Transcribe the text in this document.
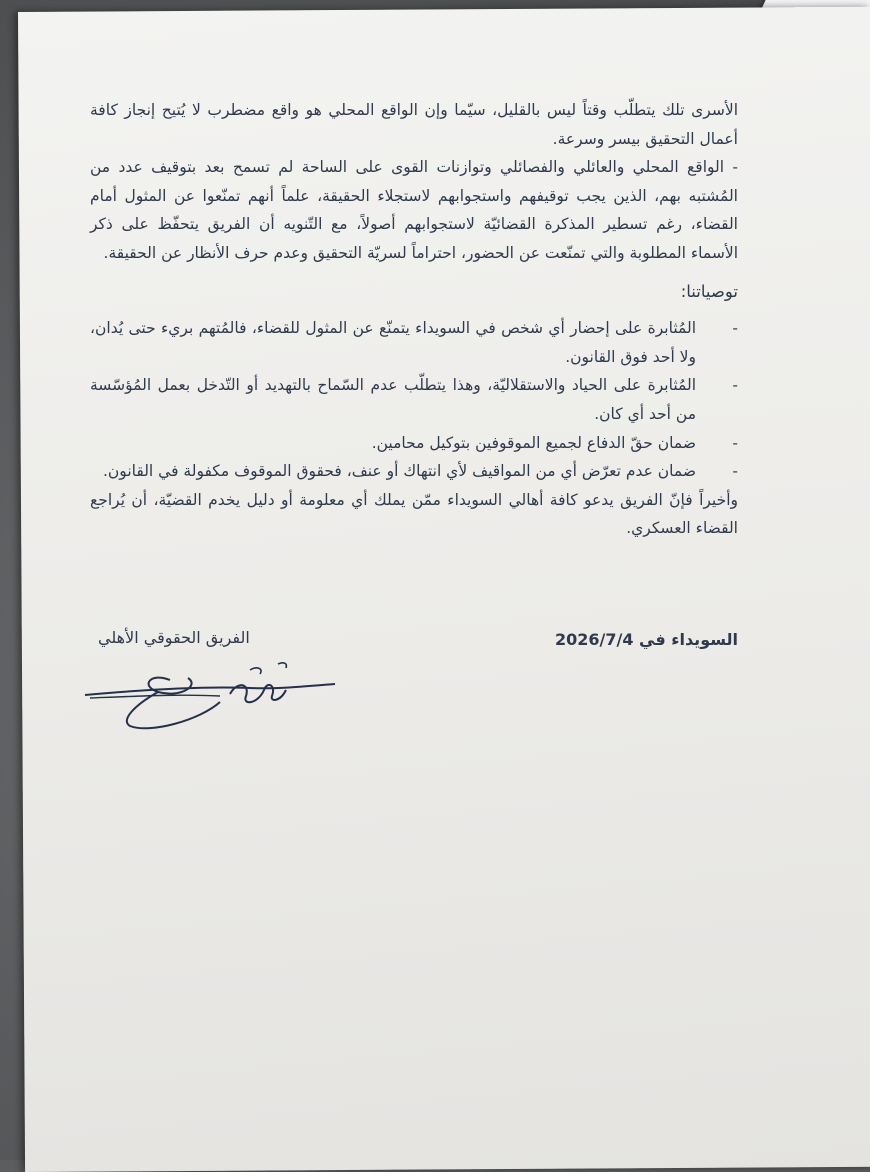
الأسرى تلك يتطلّب وقتاً ليس بالقليل، سيّما وإن الواقع المحلي هو واقع مضطرب لا يُتيح إنجاز كافة أعمال التحقيق بيسر وسرعة.

- الواقع المحلي والعائلي والفصائلي وتوازنات القوى على الساحة لم تسمح بعد بتوقيف عدد من المُشتبه بهم، الذين يجب توقيفهم واستجوابهم لاستجلاء الحقيقة، علماً أنهم تمنّعوا عن المثول أمام القضاء، رغم تسطير المذكرة القضائيّة لاستجوابهم أصولاً، مع التّنويه أن الفريق يتحفّظ على ذكر الأسماء المطلوبة والتي تمنّعت عن الحضور، احتراماً لسريّة التحقيق وعدم حرف الأنظار عن الحقيقة.

توصياتنا:

-
المُثابرة على إحضار أي شخص في السويداء يتمنّع عن المثول للقضاء، فالمُتهم بريء حتى يُدان، ولا أحد فوق القانون.
-
المُثابرة على الحياد والاستقلاليّة، وهذا يتطلّب عدم السّماح بالتهديد أو التّدخل بعمل المُؤسّسة من أحد أي كان.
-
ضمان حقّ الدفاع لجميع الموقوفين بتوكيل محامين.
-
ضمان عدم تعرّض أي من المواقيف لأي انتهاك أو عنف، فحقوق الموقوف مكفولة في القانون.

وأخيراً فإنّ الفريق يدعو كافة أهالي السويداء ممّن يملك أي معلومة أو دليل يخدم القضيّة، أن يُراجع القضاء العسكري.

السويداء في 2026/7/4
الفريق الحقوقي الأهلي
